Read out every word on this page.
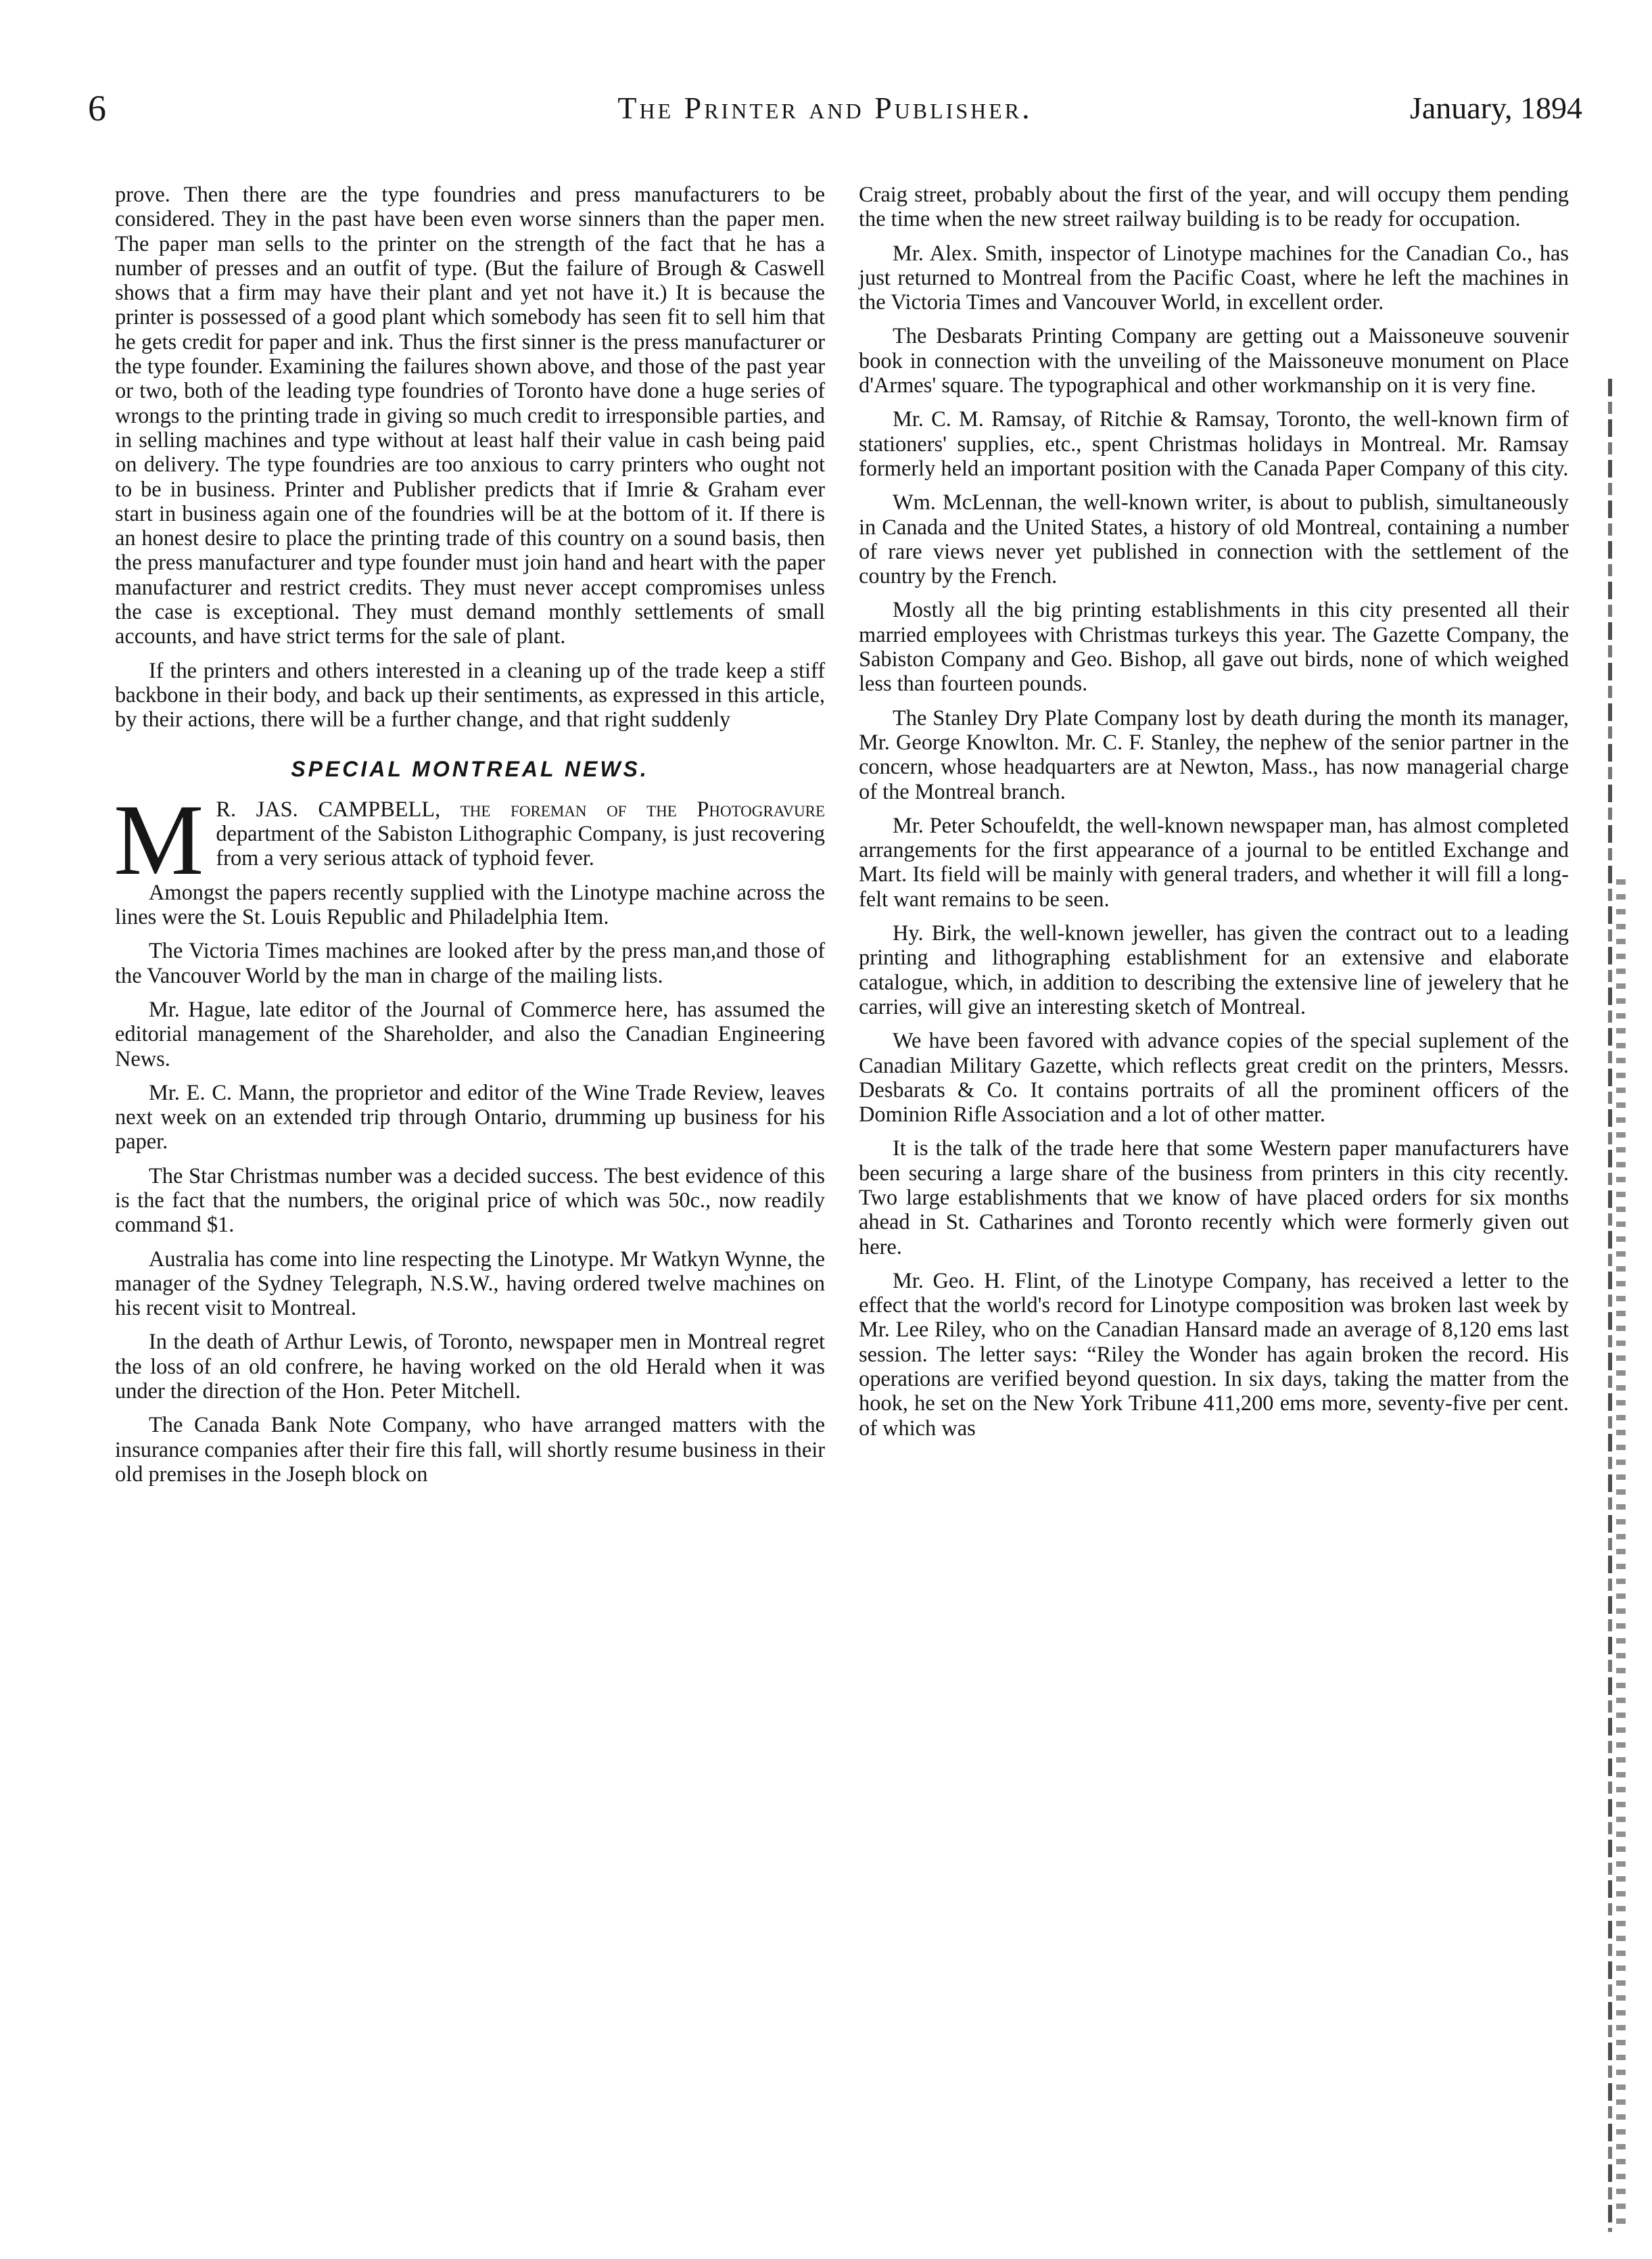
6	The Printer and Publisher.	January, 1894

prove. Then there are the type foundries and press manufacturers to be considered. They in the past have been even worse sinners than the paper men. The paper man sells to the printer on the strength of the fact that he has a number of presses and an outfit of type. (But the failure of Brough & Caswell shows that a firm may have their plant and yet not have it.) It is because the printer is possessed of a good plant which somebody has seen fit to sell him that he gets credit for paper and ink. Thus the first sinner is the press manufacturer or the type founder. Examining the failures shown above, and those of the past year or two, both of the leading type foundries of Toronto have done a huge series of wrongs to the printing trade in giving so much credit to irresponsible parties, and in selling machines and type without at least half their value in cash being paid on delivery. The type foundries are too anxious to carry printers who ought not to be in business. Printer and Publisher predicts that if Imrie & Graham ever start in business again one of the foundries will be at the bottom of it. If there is an honest desire to place the printing trade of this country on a sound basis, then the press manufacturer and type founder must join hand and heart with the paper manufacturer and restrict credits. They must never accept compromises unless the case is exceptional. They must demand monthly settlements of small accounts, and have strict terms for the sale of plant.

If the printers and others interested in a cleaning up of the trade keep a stiff backbone in their body, and back up their sentiments, as expressed in this article, by their actions, there will be a further change, and that right suddenly

SPECIAL MONTREAL NEWS.

M R. JAS. CAMPBELL, the foreman of the Photogravure department of the Sabiston Lithographic Company, is just recovering from a very serious attack of typhoid fever.

Amongst the papers recently supplied with the Linotype machine across the lines were the St. Louis Republic and Philadelphia Item.

The Victoria Times machines are looked after by the press man,and those of the Vancouver World by the man in charge of the mailing lists.

Mr. Hague, late editor of the Journal of Commerce here, has assumed the editorial management of the Shareholder, and also the Canadian Engineering News.

Mr. E. C. Mann, the proprietor and editor of the Wine Trade Review, leaves next week on an extended trip through Ontario, drumming up business for his paper.

The Star Christmas number was a decided success. The best evidence of this is the fact that the numbers, the original price of which was 50c., now readily command $1.

Australia has come into line respecting the Linotype. Mr Watkyn Wynne, the manager of the Sydney Telegraph, N.S.W., having ordered twelve machines on his recent visit to Montreal.

In the death of Arthur Lewis, of Toronto, newspaper men in Montreal regret the loss of an old confrere, he having worked on the old Herald when it was under the direction of the Hon. Peter Mitchell.

The Canada Bank Note Company, who have arranged matters with the insurance companies after their fire this fall, will shortly resume business in their old premises in the Joseph block on

Craig street, probably about the first of the year, and will occupy them pending the time when the new street railway building is to be ready for occupation.

Mr. Alex. Smith, inspector of Linotype machines for the Canadian Co., has just returned to Montreal from the Pacific Coast, where he left the machines in the Victoria Times and Vancouver World, in excellent order.

The Desbarats Printing Company are getting out a Maissoneuve souvenir book in connection with the unveiling of the Maissoneuve monument on Place d'Armes' square. The typographical and other workmanship on it is very fine.

Mr. C. M. Ramsay, of Ritchie & Ramsay, Toronto, the well-known firm of stationers' supplies, etc., spent Christmas holidays in Montreal. Mr. Ramsay formerly held an important position with the Canada Paper Company of this city.

Wm. McLennan, the well-known writer, is about to publish, simultaneously in Canada and the United States, a history of old Montreal, containing a number of rare views never yet published in connection with the settlement of the country by the French.

Mostly all the big printing establishments in this city presented all their married employees with Christmas turkeys this year. The Gazette Company, the Sabiston Company and Geo. Bishop, all gave out birds, none of which weighed less than fourteen pounds.

The Stanley Dry Plate Company lost by death during the month its manager, Mr. George Knowlton. Mr. C. F. Stanley, the nephew of the senior partner in the concern, whose headquarters are at Newton, Mass., has now managerial charge of the Montreal branch.

Mr. Peter Schoufeldt, the well-known newspaper man, has almost completed arrangements for the first appearance of a journal to be entitled Exchange and Mart. Its field will be mainly with general traders, and whether it will fill a long-felt want remains to be seen.

Hy. Birk, the well-known jeweller, has given the contract out to a leading printing and lithographing establishment for an extensive and elaborate catalogue, which, in addition to describing the extensive line of jewelery that he carries, will give an interesting sketch of Montreal.

We have been favored with advance copies of the special suplement of the Canadian Military Gazette, which reflects great credit on the printers, Messrs. Desbarats & Co. It contains portraits of all the prominent officers of the Dominion Rifle Association and a lot of other matter.

It is the talk of the trade here that some Western paper manufacturers have been securing a large share of the business from printers in this city recently. Two large establishments that we know of have placed orders for six months ahead in St. Catharines and Toronto recently which were formerly given out here.

Mr. Geo. H. Flint, of the Linotype Company, has received a letter to the effect that the world's record for Linotype composition was broken last week by Mr. Lee Riley, who on the Canadian Hansard made an average of 8,120 ems last session. The letter says: “Riley the Wonder has again broken the record. His operations are verified beyond question. In six days, taking the matter from the hook, he set on the New York Tribune 411,200 ems more, seventy-five per cent. of which was
